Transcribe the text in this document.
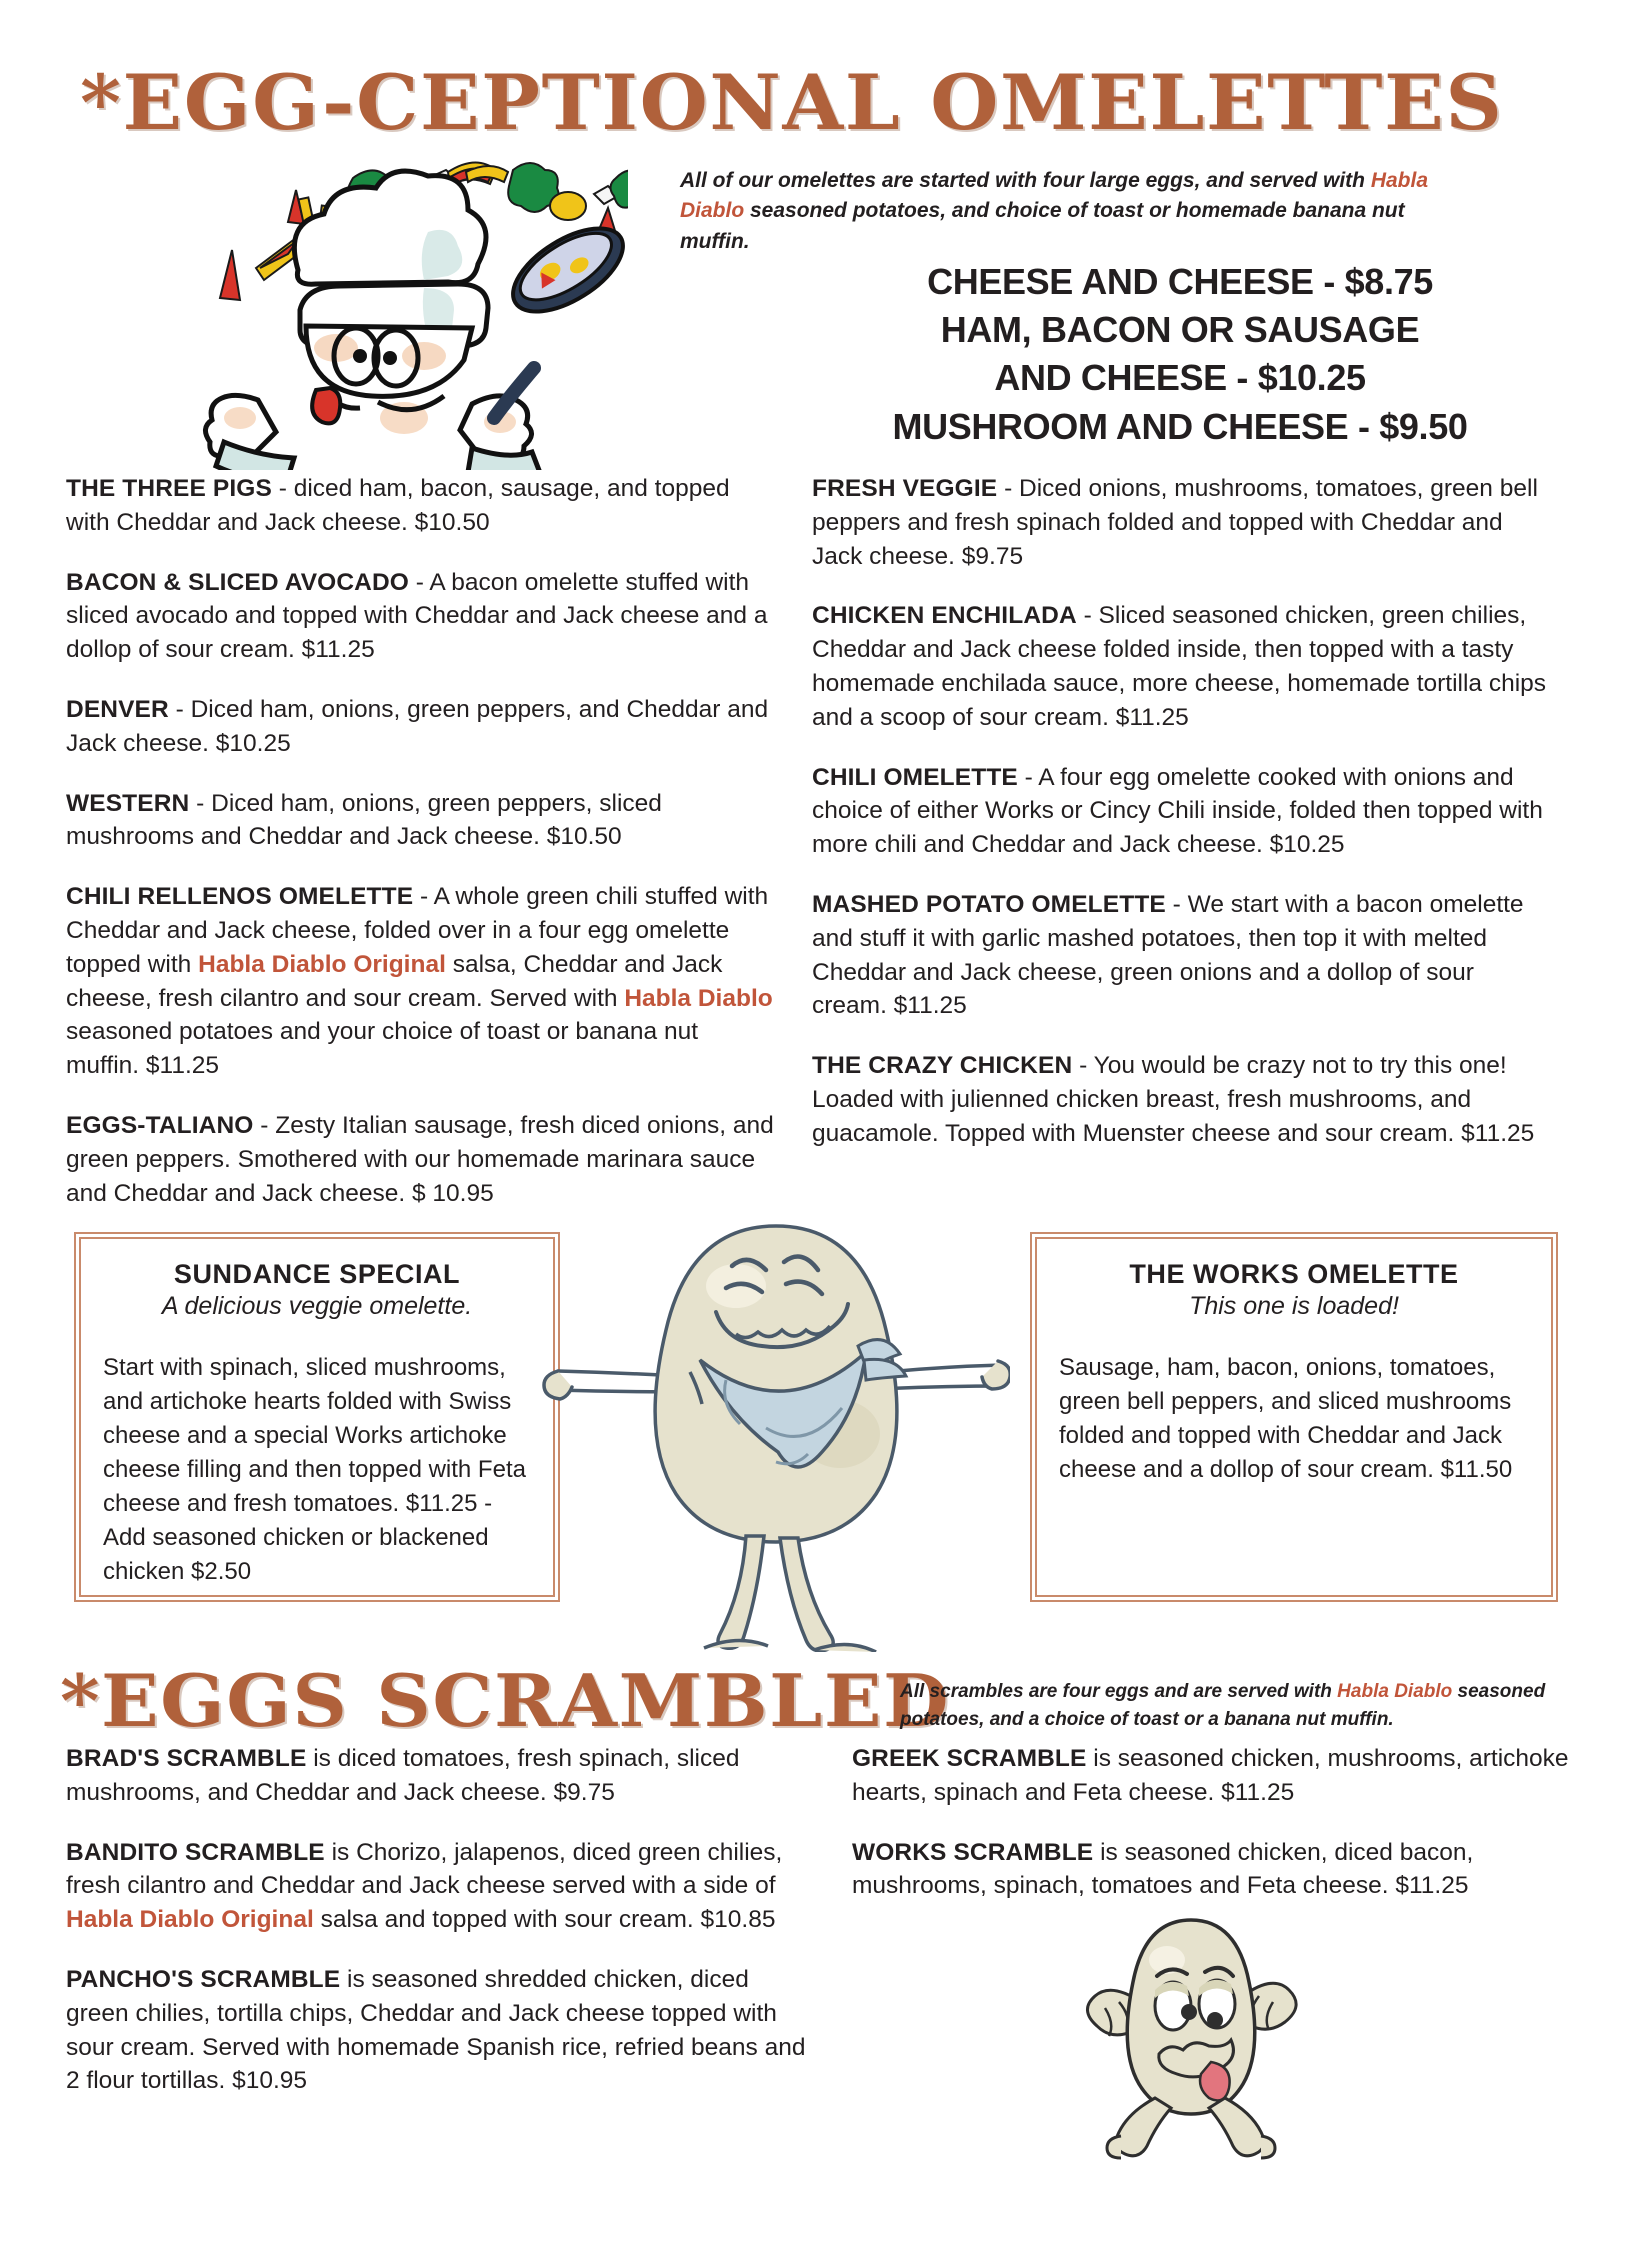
*EGG-CEPTIONAL OMELETTES
All of our omelettes are started with four large eggs, and served with Habla Diablo seasoned potatoes, and choice of toast or homemade banana nut muffin.
CHEESE AND CHEESE - $8.75
HAM, BACON OR SAUSAGE
AND CHEESE - $10.25
MUSHROOM AND CHEESE - $9.50
THE THREE PIGS - diced ham, bacon, sausage, and topped with Cheddar and Jack cheese. $10.50
BACON & SLICED AVOCADO - A bacon omelette stuffed with sliced avocado and topped with Cheddar and Jack cheese and a dollop of sour cream. $11.25
DENVER - Diced ham, onions, green peppers, and Cheddar and Jack cheese. $10.25
WESTERN - Diced ham, onions, green peppers, sliced mushrooms and Cheddar and Jack cheese. $10.50
CHILI RELLENOS OMELETTE - A whole green chili stuffed with Cheddar and Jack cheese, folded over in a four egg omelette topped with Habla Diablo Original salsa, Cheddar and Jack cheese, fresh cilantro and sour cream. Served with Habla Diablo seasoned potatoes and your choice of toast or banana nut muffin. $11.25
EGGS-TALIANO - Zesty Italian sausage, fresh diced onions, and green peppers. Smothered with our homemade marinara sauce and Cheddar and Jack cheese. $ 10.95
FRESH VEGGIE - Diced onions, mushrooms, tomatoes, green bell peppers and fresh spinach folded and topped with Cheddar and Jack cheese. $9.75
CHICKEN ENCHILADA - Sliced seasoned chicken, green chilies, Cheddar and Jack cheese folded inside, then topped with a tasty homemade enchilada sauce, more cheese, homemade tortilla chips and a scoop of sour cream. $11.25
CHILI OMELETTE - A four egg omelette cooked with onions and choice of either Works or Cincy Chili inside, folded then topped with more chili and Cheddar and Jack cheese. $10.25
MASHED POTATO OMELETTE - We start with a bacon omelette and stuff it with garlic mashed potatoes, then top it with melted Cheddar and Jack cheese, green onions and a dollop of sour cream. $11.25
THE CRAZY CHICKEN - You would be crazy not to try this one! Loaded with julienned chicken breast, fresh mushrooms, and guacamole. Topped with Muenster cheese and sour cream. $11.25
SUNDANCE SPECIAL
A delicious veggie omelette.
Start with spinach, sliced mushrooms, and artichoke hearts folded with Swiss cheese and a special Works artichoke cheese filling and then topped with Feta cheese and fresh tomatoes. $11.25 - Add seasoned chicken or blackened chicken $2.50
THE WORKS OMELETTE
This one is loaded!
Sausage, ham, bacon, onions, tomatoes, green bell peppers, and sliced mushrooms folded and topped with Cheddar and Jack cheese and a dollop of sour cream. $11.50
*EGGS SCRAMBLED
All scrambles are four eggs and are served with Habla Diablo seasoned potatoes, and a choice of toast or a banana nut muffin.
BRAD'S SCRAMBLE is diced tomatoes, fresh spinach, sliced mushrooms, and Cheddar and Jack cheese. $9.75
BANDITO SCRAMBLE is Chorizo, jalapenos, diced green chilies, fresh cilantro and Cheddar and Jack cheese served with a side of Habla Diablo Original salsa and topped with sour cream. $10.85
PANCHO'S SCRAMBLE is seasoned shredded chicken, diced green chilies, tortilla chips, Cheddar and Jack cheese topped with sour cream. Served with homemade Spanish rice, refried beans and 2 flour tortillas. $10.95
GREEK SCRAMBLE is seasoned chicken, mushrooms, artichoke hearts, spinach and Feta cheese. $11.25
WORKS SCRAMBLE is seasoned chicken, diced bacon, mushrooms, spinach, tomatoes and Feta cheese. $11.25
